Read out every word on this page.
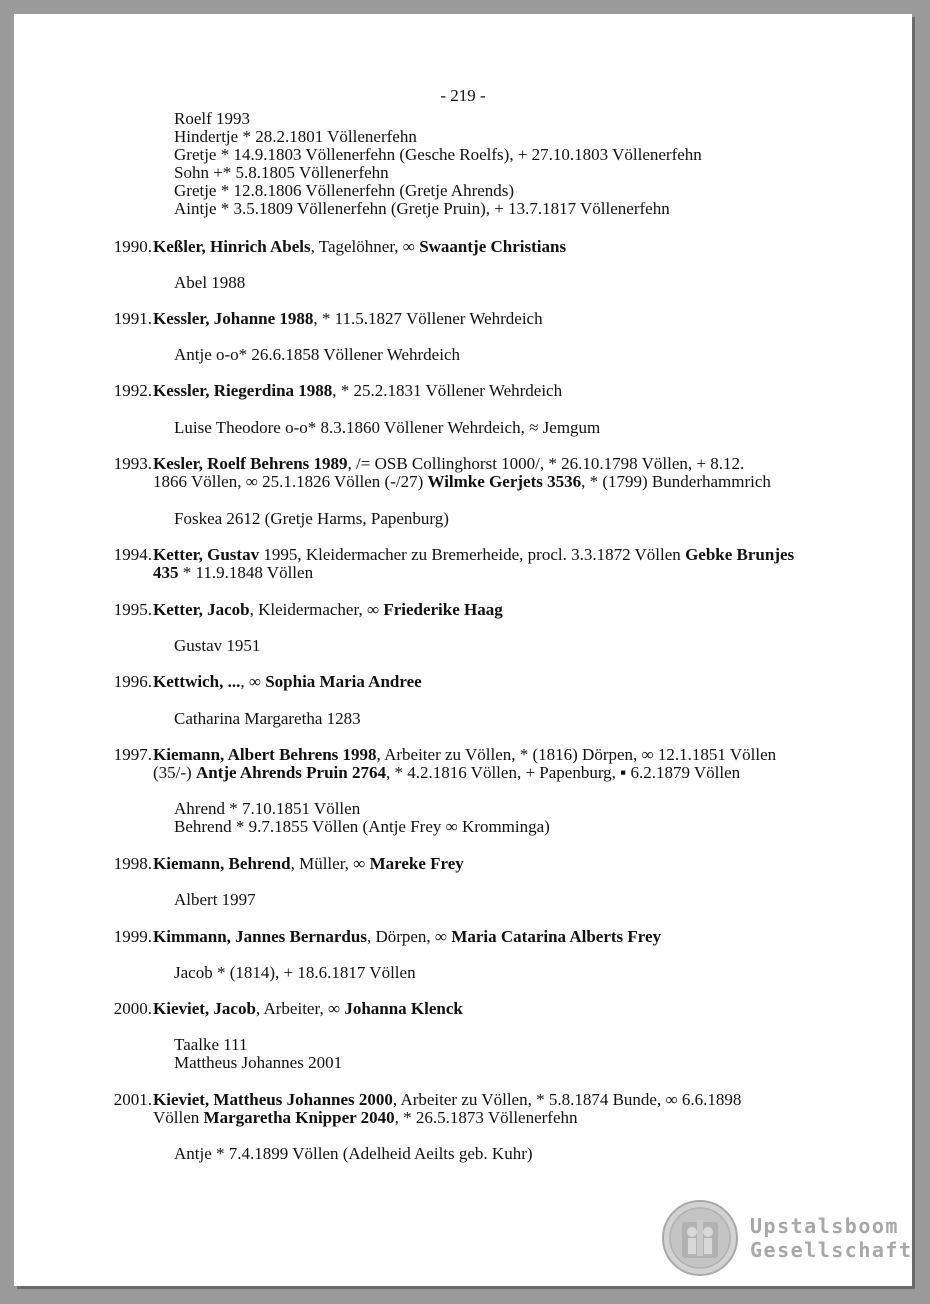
- 219 -
Roelf 1993
Hindertje * 28.2.1801 Völlenerfehn
Gretje * 14.9.1803 Völlenerfehn (Gesche Roelfs), + 27.10.1803 Völlenerfehn
Sohn +* 5.8.1805 Völlenerfehn
Gretje * 12.8.1806 Völlenerfehn (Gretje Ahrends)
Aintje * 3.5.1809 Völlenerfehn (Gretje Pruin), + 13.7.1817 Völlenerfehn
1990. Keßler, Hinrich Abels, Tagelöhner, ∞ Swaantje Christians
Abel 1988
1991. Kessler, Johanne 1988, * 11.5.1827 Völlener Wehrdeich
Antje o-o* 26.6.1858 Völlener Wehrdeich
1992. Kessler, Riegerdina 1988, * 25.2.1831 Völlener Wehrdeich
Luise Theodore o-o* 8.3.1860 Völlener Wehrdeich, ≈ Jemgum
1993. Kesler, Roelf Behrens 1989, /= OSB Collinghorst 1000/, * 26.10.1798 Völlen, + 8.12.
1866 Völlen, ∞ 25.1.1826 Völlen (-/27) Wilmke Gerjets 3536, * (1799) Bunderhammrich
Foskea 2612 (Gretje Harms, Papenburg)
1994. Ketter, Gustav 1995, Kleidermacher zu Bremerheide, procl. 3.3.1872 Völlen Gebke Brunjes
435 * 11.9.1848 Völlen
1995. Ketter, Jacob, Kleidermacher, ∞ Friederike Haag
Gustav 1951
1996. Kettwich, ..., ∞ Sophia Maria Andree
Catharina Margaretha 1283
1997. Kiemann, Albert Behrens 1998, Arbeiter zu Völlen, * (1816) Dörpen, ∞ 12.1.1851 Völlen
(35/-) Antje Ahrends Pruin 2764, * 4.2.1816 Völlen, + Papenburg, ▪ 6.2.1879 Völlen
Ahrend * 7.10.1851 Völlen
Behrend * 9.7.1855 Völlen (Antje Frey ∞ Kromminga)
1998. Kiemann, Behrend, Müller, ∞ Mareke Frey
Albert 1997
1999. Kimmann, Jannes Bernardus, Dörpen, ∞ Maria Catarina Alberts Frey
Jacob * (1814), + 18.6.1817 Völlen
2000. Kieviet, Jacob, Arbeiter, ∞ Johanna Klenck
Taalke 111
Mattheus Johannes 2001
2001. Kieviet, Mattheus Johannes 2000, Arbeiter zu Völlen, * 5.8.1874 Bunde, ∞ 6.6.1898
Völlen Margaretha Knipper 2040, * 26.5.1873 Völlenerfehn
Antje * 7.4.1899 Völlen (Adelheid Aeilts geb. Kuhr)
Upstalsboom
Gesellschaft
